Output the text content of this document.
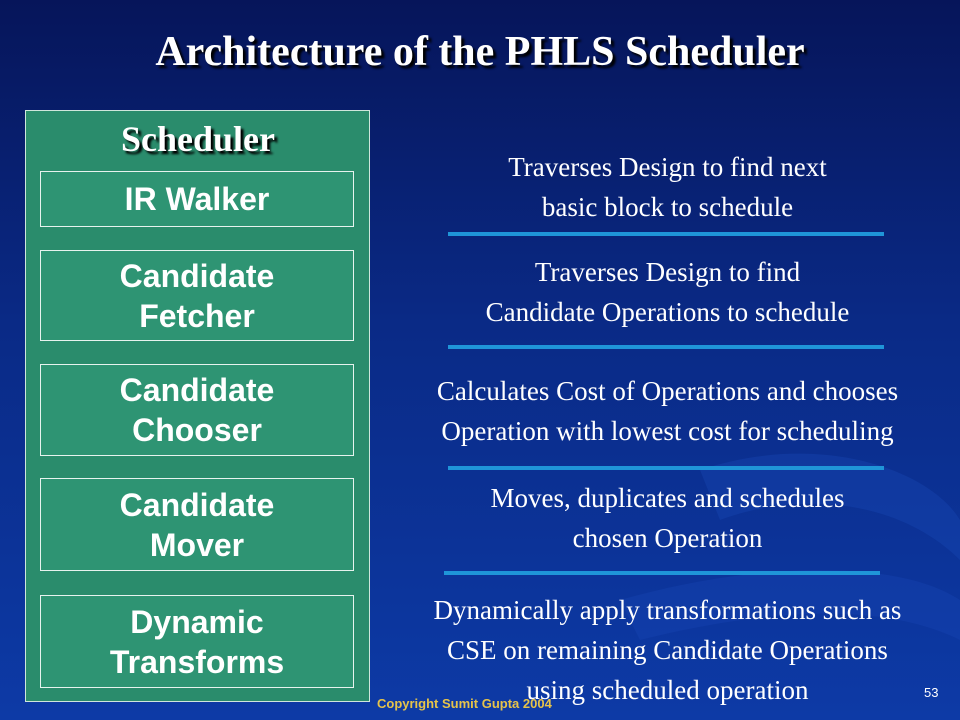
Architecture of the PHLS Scheduler
Scheduler
IR Walker
Candidate
Fetcher
Candidate
Chooser
Candidate
Mover
Dynamic
Transforms
Traverses Design to find next
basic block to schedule
Traverses Design to find
Candidate Operations to schedule
Calculates Cost of Operations and chooses
Operation with lowest cost for scheduling
Moves, duplicates and schedules
chosen Operation
Dynamically apply transformations such as
CSE on remaining Candidate Operations
using scheduled operation
Copyright Sumit Gupta 2004
53
